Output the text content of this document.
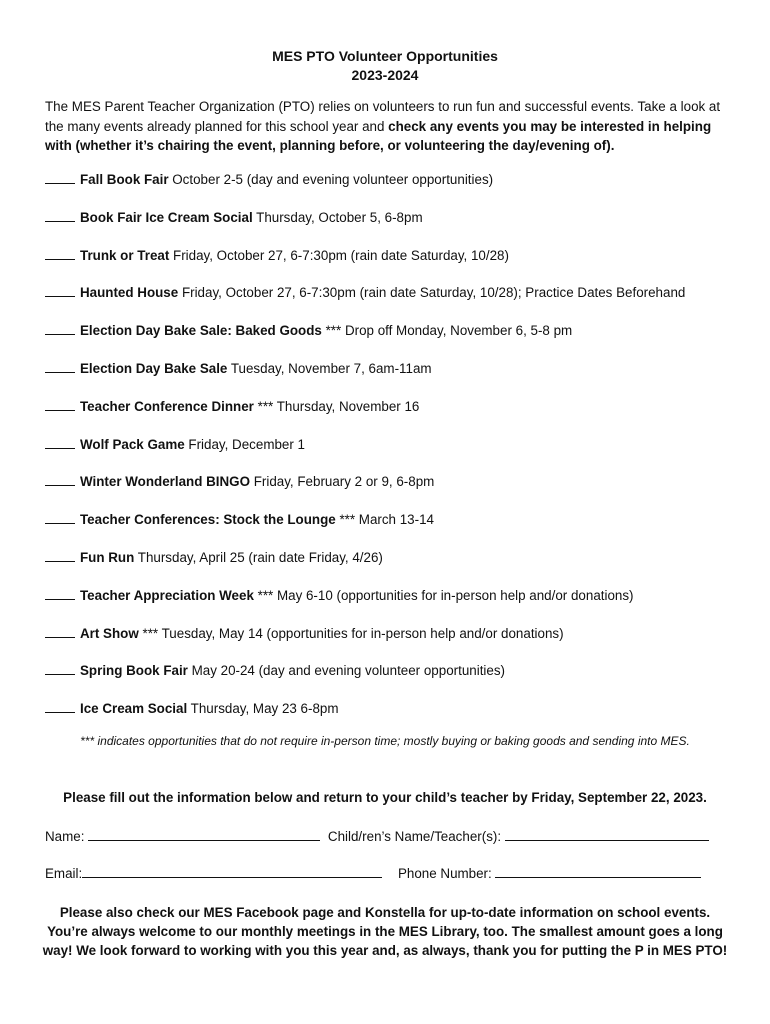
MES PTO Volunteer Opportunities
2023-2024
The MES Parent Teacher Organization (PTO) relies on volunteers to run fun and successful events. Take a look at the many events already planned for this school year and check any events you may be interested in helping with (whether it’s chairing the event, planning before, or volunteering the day/evening of).
Fall Book Fair October 2-5 (day and evening volunteer opportunities)
Book Fair Ice Cream Social Thursday, October 5, 6-8pm
Trunk or Treat Friday, October 27, 6-7:30pm (rain date Saturday, 10/28)
Haunted House Friday, October 27, 6-7:30pm (rain date Saturday, 10/28); Practice Dates Beforehand
Election Day Bake Sale: Baked Goods *** Drop off Monday, November 6, 5-8 pm
Election Day Bake Sale Tuesday, November 7, 6am-11am
Teacher Conference Dinner *** Thursday, November 16
Wolf Pack Game Friday, December 1
Winter Wonderland BINGO Friday, February 2 or 9, 6-8pm
Teacher Conferences: Stock the Lounge *** March 13-14
Fun Run Thursday, April 25 (rain date Friday, 4/26)
Teacher Appreciation Week *** May 6-10 (opportunities for in-person help and/or donations)
Art Show *** Tuesday, May 14 (opportunities for in-person help and/or donations)
Spring Book Fair May 20-24 (day and evening volunteer opportunities)
Ice Cream Social Thursday, May 23 6-8pm
*** indicates opportunities that do not require in-person time; mostly buying or baking goods and sending into MES.
Please fill out the information below and return to your child’s teacher by Friday, September 22, 2023.
Name:	Child/ren’s Name/Teacher(s):
Email:	Phone Number:
Please also check our MES Facebook page and Konstella for up-to-date information on school events. You’re always welcome to our monthly meetings in the MES Library, too. The smallest amount goes a long way! We look forward to working with you this year and, as always, thank you for putting the P in MES PTO!
